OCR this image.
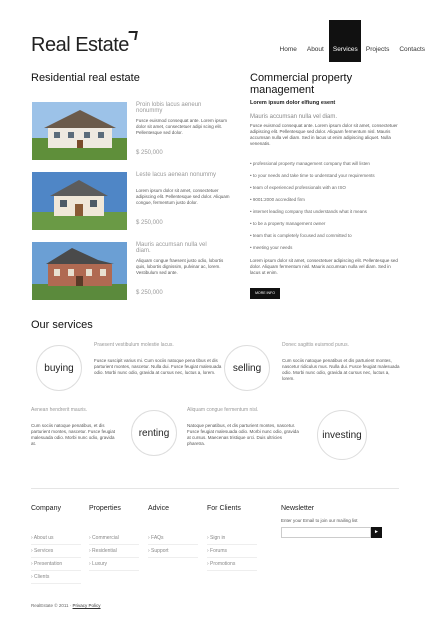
Real Estate	Home	About	Services	Projects	Contacts
Residential real estate
Proin lobis lacus aeneun nonummy
Fusce euismod consequat ante. Lorem ipsum dolor sit amet, consectetuer adipi scing elit. Pellentesque sed dolor.
$ 250,000
Leste lacus aenean nonummy
Lorem ipsum dolor sit amet, consectetuer adipiscing elit. Pellentesque sed dolor. Aliquam congue, fermentum justo dolor.
$ 250,000
Mauris accumsan nulla vel diam.
Aliquam congue fraesent justo odio, lobortis quis, lobortis dignissim, pulvinar ac, lorem. Vestibulum sed ante.
$ 250,000
Commercial property
management
Lorem ipsum dolor elfiung esent
Mauris accumsan nulla vel diam.
Fusce euismod consequat ante. Lorem ipsum dolor sit amet, consectetuer adipiscing elit. Pellentesque sed dolor. Aliquam fermentum nisl. Mauris accumsan nulla vel diam. Sed in lacus ut enim adipiscing aliquet. Nulla venenatis.
• professional property management company that will listen
• to your needs and take time to understand your requirements
• team of experienced professionals with an ISO
• 9001:2000 accredited firm
• internet leading company that understands what it means
• to be a property management owner
• team that is completely focused and committed to
• meeting your needs
Lorem ipsum dolor sit amet, consectetuer adipiscing elit. Pellentesque sed dolor. Aliquam fermentum nisl. Mauris accumsan nulla vel diam. Sed in lacus ut enim.
MORE INFO
Our services
buying
Praesent vestibulum molestie lacus.
Fusce suscipit varius mi. Cum sociis natoque pena tibus et dis parturient montes, nascetur. Nulla dui. Fusce feugiat malesuada odio. Morbi nunc odio, gravida at cursus nec, luctus a, lorem.	selling
Donec sagittis euismod purus.
Cum sociis natoque penatibus et dis parturient montes, nascetur ridiculus mus. Nulla dui. Fusce feugiat malesuada odio. Morbi nunc odio, gravida at cursus nec, luctus a, lorem.
Aenean hendrerit mauris.
Cum sociis natoque penatibus, et dis parturient montes, nascetur. Fusce feugiat malesuada odio. Morbi nunc odio, gravida at.
renting
Aliquam congue fermentum nisl.
Natoque penatibus, et dis parturient montes, nascetur. Fusce feugiat malesuada odio. Morbi nunc odio, gravida at cursus. Maecenas tristique orci. Duis ultricies pharetra.
investing
Company
› About us
› Services
› Presentation
› Clients
Properties
› Commercial
› Residential
› Luxury
Advice
› FAQs
› Support
For Clients
› Sign in
› Forums
› Promotions
Newsletter
Enter your Email to join our mailing list
►
RealEstate © 2011 · Privacy Policy
